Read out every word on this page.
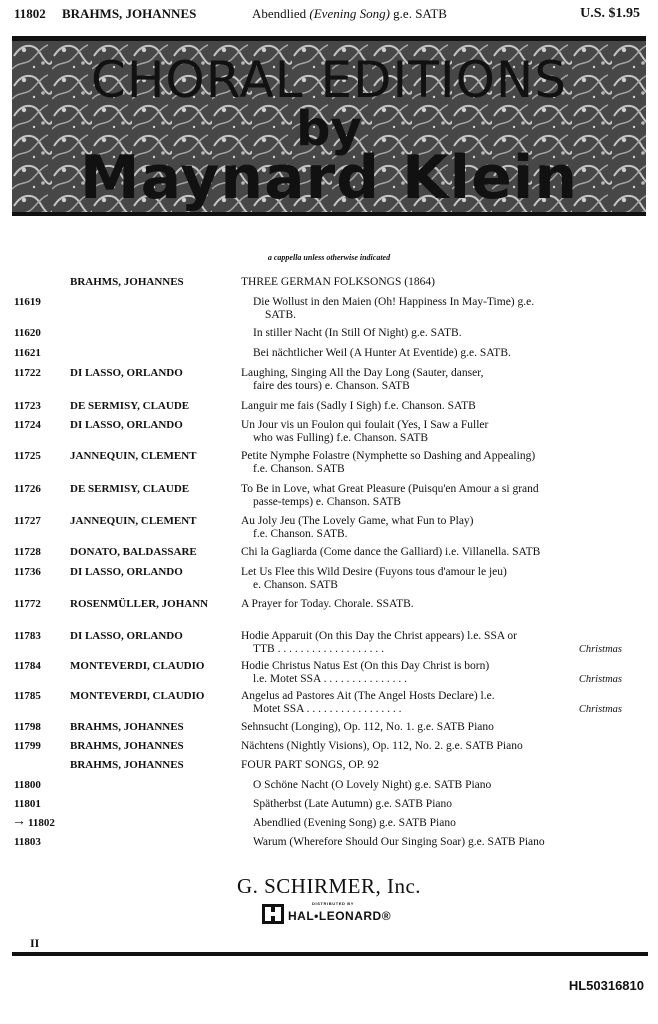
11802 BRAHMS, JOHANNES	Abendlied (Evening Song) g.e. SATB	U.S. $1.95
CHORAL EDITIONS
by
Maynard Klein
a cappella unless otherwise indicated
BRAHMS, JOHANNES	THREE GERMAN FOLKSONGS (1864)
11619	Die Wollust in den Maien (Oh! Happiness In May-Time) g.e.
SATB.
11620	In stiller Nacht (In Still Of Night) g.e. SATB.
11621	Bei nächtlicher Weil (A Hunter At Eventide) g.e. SATB.
11722	DI LASSO, ORLANDO	Laughing, Singing All the Day Long (Sauter, danser,
faire des tours) e. Chanson. SATB
11723	DE SERMISY, CLAUDE	Languir me fais (Sadly I Sigh) f.e. Chanson. SATB
11724	DI LASSO, ORLANDO	Un Jour vis un Foulon qui foulait (Yes, I Saw a Fuller
who was Fulling) f.e. Chanson. SATB
11725	JANNEQUIN, CLEMENT	Petite Nymphe Folastre (Nymphette so Dashing and Appealing)
f.e. Chanson. SATB
11726	DE SERMISY, CLAUDE	To Be in Love, what Great Pleasure (Puisqu'en Amour a si grand
passe-temps) e. Chanson. SATB
11727	JANNEQUIN, CLEMENT	Au Joly Jeu (The Lovely Game, what Fun to Play)
f.e. Chanson. SATB.
11728	DONATO, BALDASSARE	Chi la Gagliarda (Come dance the Galliard) i.e. Villanella. SATB
11736	DI LASSO, ORLANDO	Let Us Flee this Wild Desire (Fuyons tous d'amour le jeu)
e. Chanson. SATB
11772	ROSENMÜLLER, JOHANN	A Prayer for Today. Chorale. SSATB.
11783	DI LASSO, ORLANDO	Hodie Apparuit (On this Day the Christ appears) l.e. SSA or
TTB . . . . . . . . . . . . . . . . . . .	Christmas
11784	MONTEVERDI, CLAUDIO	Hodie Christus Natus Est (On this Day Christ is born)
l.e. Motet SSA . . . . . . . . . . . . . . .	Christmas
11785	MONTEVERDI, CLAUDIO	Angelus ad Pastores Ait (The Angel Hosts Declare) l.e.
Motet SSA . . . . . . . . . . . . . . . . .	Christmas
11798	BRAHMS, JOHANNES	Sehnsucht (Longing), Op. 112, No. 1. g.e. SATB Piano
11799	BRAHMS, JOHANNES	Nächtens (Nightly Visions), Op. 112, No. 2. g.e. SATB Piano
BRAHMS, JOHANNES	FOUR PART SONGS, OP. 92
11800	O Schöne Nacht (O Lovely Night) g.e. SATB Piano
11801	Spätherbst (Late Autumn) g.e. SATB Piano
→ 11802	Abendlied (Evening Song) g.e. SATB Piano
11803	Warum (Wherefore Should Our Singing Soar) g.e. SATB Piano
G. SCHIRMER, Inc.
DISTRIBUTED BY
HAL•LEONARD®
II
HL50316810
